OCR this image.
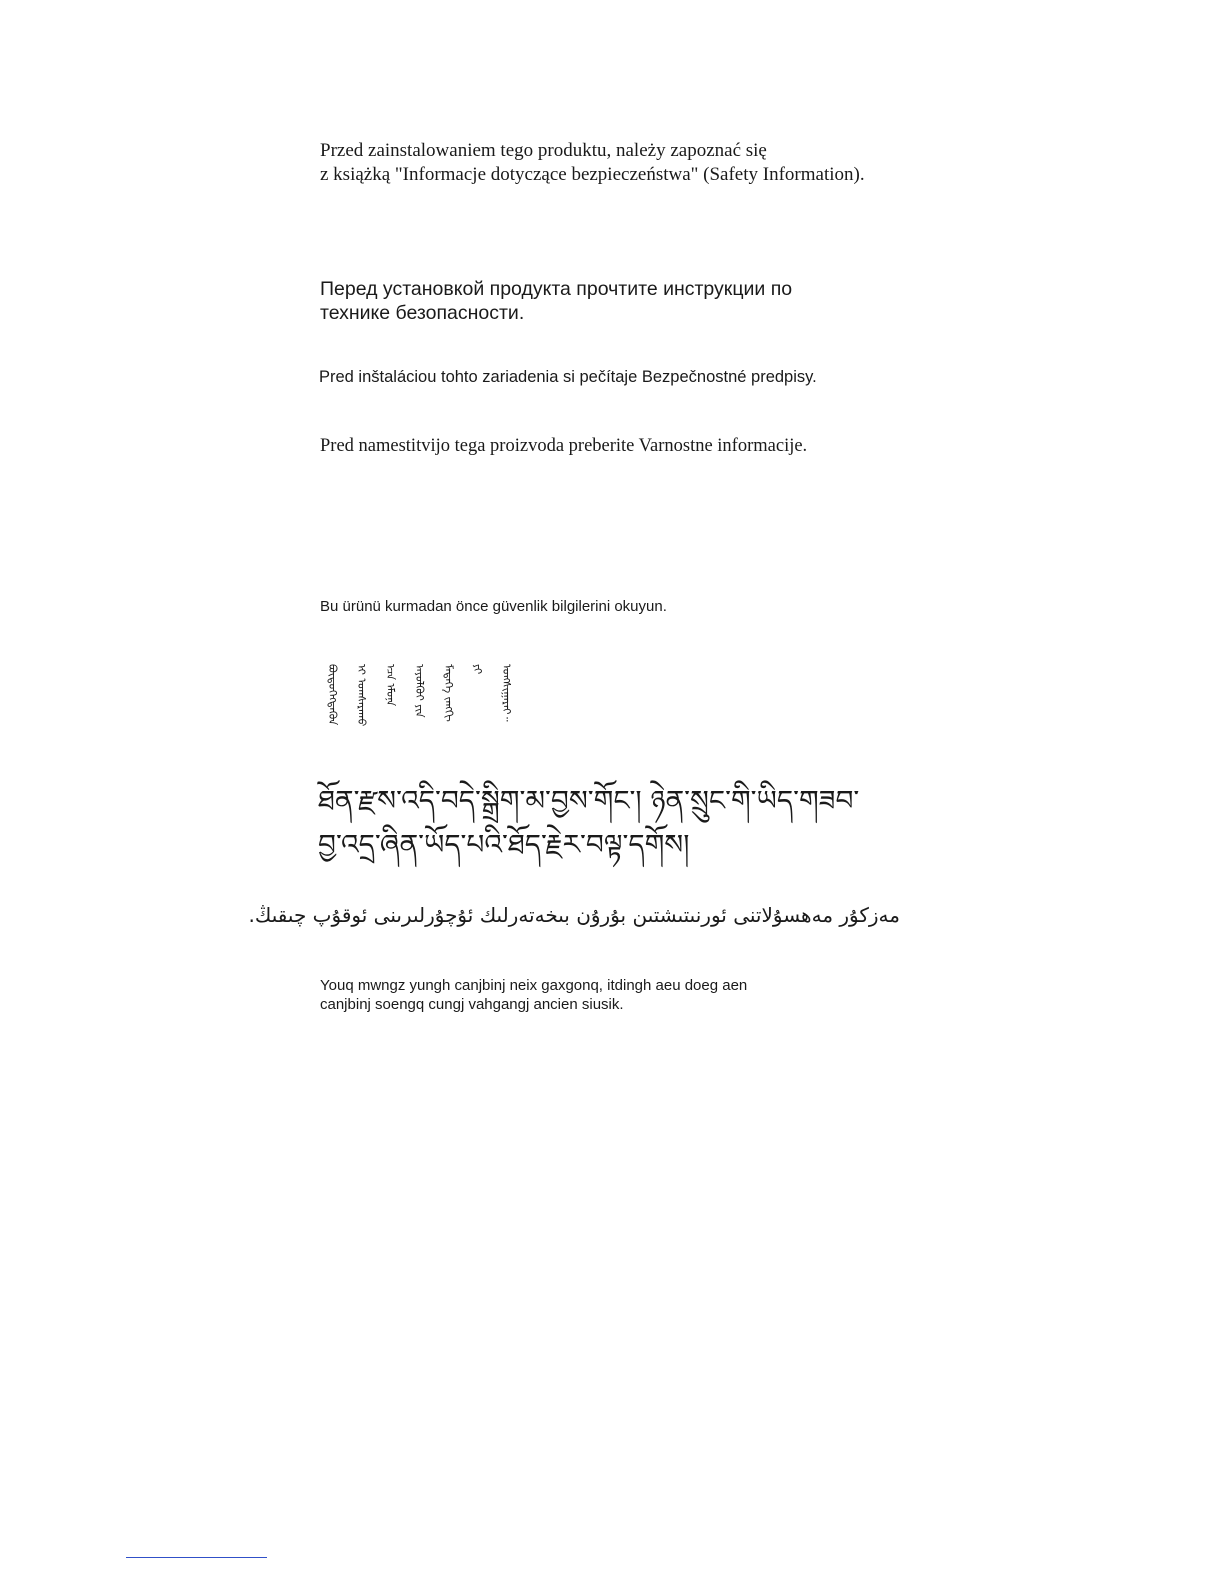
Przed zainstalowaniem tego produktu, należy zapoznać się
z książką "Informacje dotyczące bezpieczeństwa" (Safety Information).

Перед установкой продукта прочтите инструкции по
технике безопасности.

Pred inštaláciou tohto zariadenia si pečítaje Bezpečnostné predpisy.

Pred namestitvijo tega proizvoda preberite Varnostne informacije.

Bu ürünü kurmadan önce güvenlik bilgilerini okuyun.

ᠪᠦᠲᠦᠭᠡᠭᠳᠡᠬᠦᠨ ᠢ ᠤᠭᠰᠠᠷᠠᠬᠤ ᠡᠴᠡ ᠡᠮᠦᠨᠡ ᠠᠶᠤᠯᠭᠦᠢ ᠶᠢᠨ ᠮᠡᠳᠡᠭᠡ ᠵᠠᠩᠭᠢ ᠶᠢ ᠤᠩᠰᠢᠭᠠᠷᠠᠢ᠃

ཐོན་རྫས་འདི་བདེ་སྒྲིག་མ་བྱས་གོང་། ཉེན་སྲུང་གི་ཡིད་གཟབ་
བྱ་འདྲ་ཞིན་ཡོད་པའི་ཐོད་རྗེར་བལྟ་དགོས།

مەزكۇر مەھسۇلاتنى ئورنىتىشتىن بۇرۇن بىخەتەرلىك ئۇچۇرلىرىنى ئوقۇپ چىقىڭ.

Youq mwngz yungh canjbinj neix gaxgonq, itdingh aeu doeg aen
canjbinj soengq cungj vahgangj ancien siusik.
